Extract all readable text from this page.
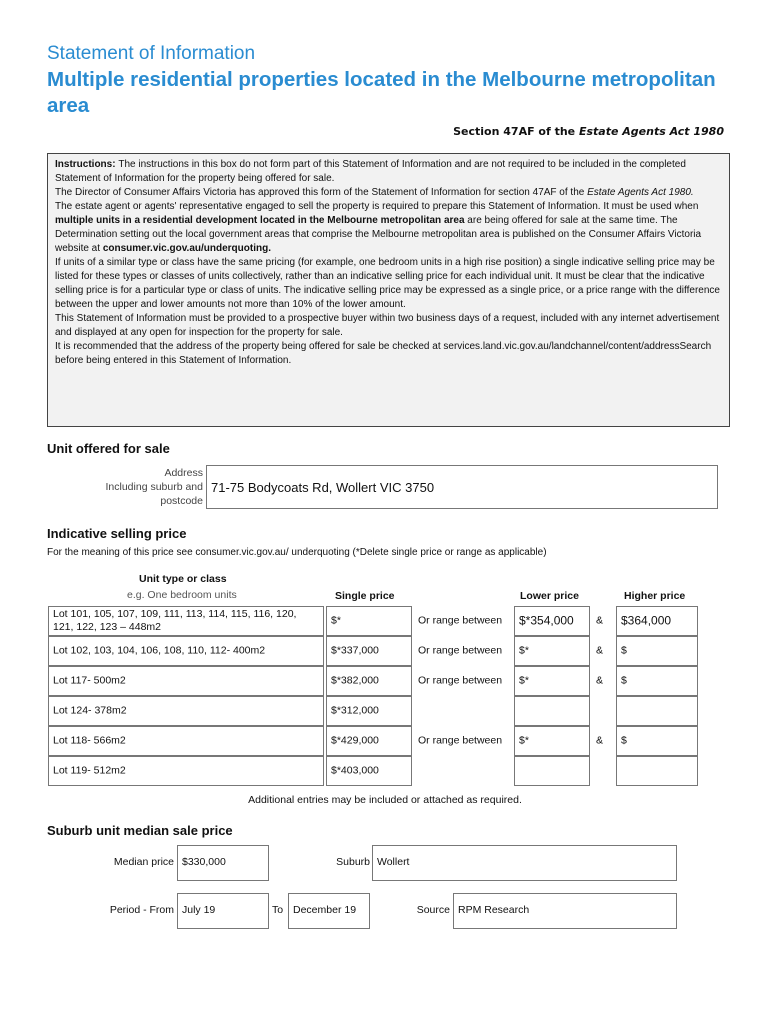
Statement of Information
Multiple residential properties located in the Melbourne metropolitan area
Section 47AF of the Estate Agents Act 1980

Instructions: The instructions in this box do not form part of this Statement of Information and are not required to be included in the completed Statement of Information for the property being offered for sale.

The Director of Consumer Affairs Victoria has approved this form of the Statement of Information for section 47AF of the Estate Agents Act 1980.

The estate agent or agents' representative engaged to sell the property is required to prepare this Statement of Information. It must be used when multiple units in a residential development located in the Melbourne metropolitan area are being offered for sale at the same time. The Determination setting out the local government areas that comprise the Melbourne metropolitan area is published on the Consumer Affairs Victoria website at consumer.vic.gov.au/underquoting.

If units of a similar type or class have the same pricing (for example, one bedroom units in a high rise position) a single indicative selling price may be listed for these types or classes of units collectively, rather than an indicative selling price for each individual unit. It must be clear that the indicative selling price is for a particular type or class of units. The indicative selling price may be expressed as a single price, or a price range with the difference between the upper and lower amounts not more than 10% of the lower amount.

This Statement of Information must be provided to a prospective buyer within two business days of a request, included with any internet advertisement and displayed at any open for inspection for the property for sale.

It is recommended that the address of the property being offered for sale be checked at services.land.vic.gov.au/landchannel/content/addressSearch before being entered in this Statement of Information.

Unit offered for sale
Address
Including suburb and
postcode
71-75 Bodycoats Rd, Wollert VIC 3750
Indicative selling price
For the meaning of this price see consumer.vic.gov.au/ underquoting (*Delete single price or range as applicable)
Unit type or class
e.g. One bedroom units	Single price	Lower price	Higher price
Lot 101, 105, 107, 109, 111, 113, 114, 115, 116, 120, 121, 122, 123 – 448m2
$*	Or range between	$*354,000	&	$364,000
Lot 102, 103, 104, 106, 108, 110, 112- 400m2	$*337,000	Or range between	$*	&	$
Lot 117- 500m2	$*382,000	Or range between	$*	&	$
Lot 124- 378m2	$*312,000
Lot 118- 566m2	$*429,000	Or range between	$*	&	$
Lot 119- 512m2	$*403,000
Additional entries may be included or attached as required.
Suburb unit median sale price
Median price $330,000	Suburb Wollert
Period - From July 19	To December 19	Source RPM Research
